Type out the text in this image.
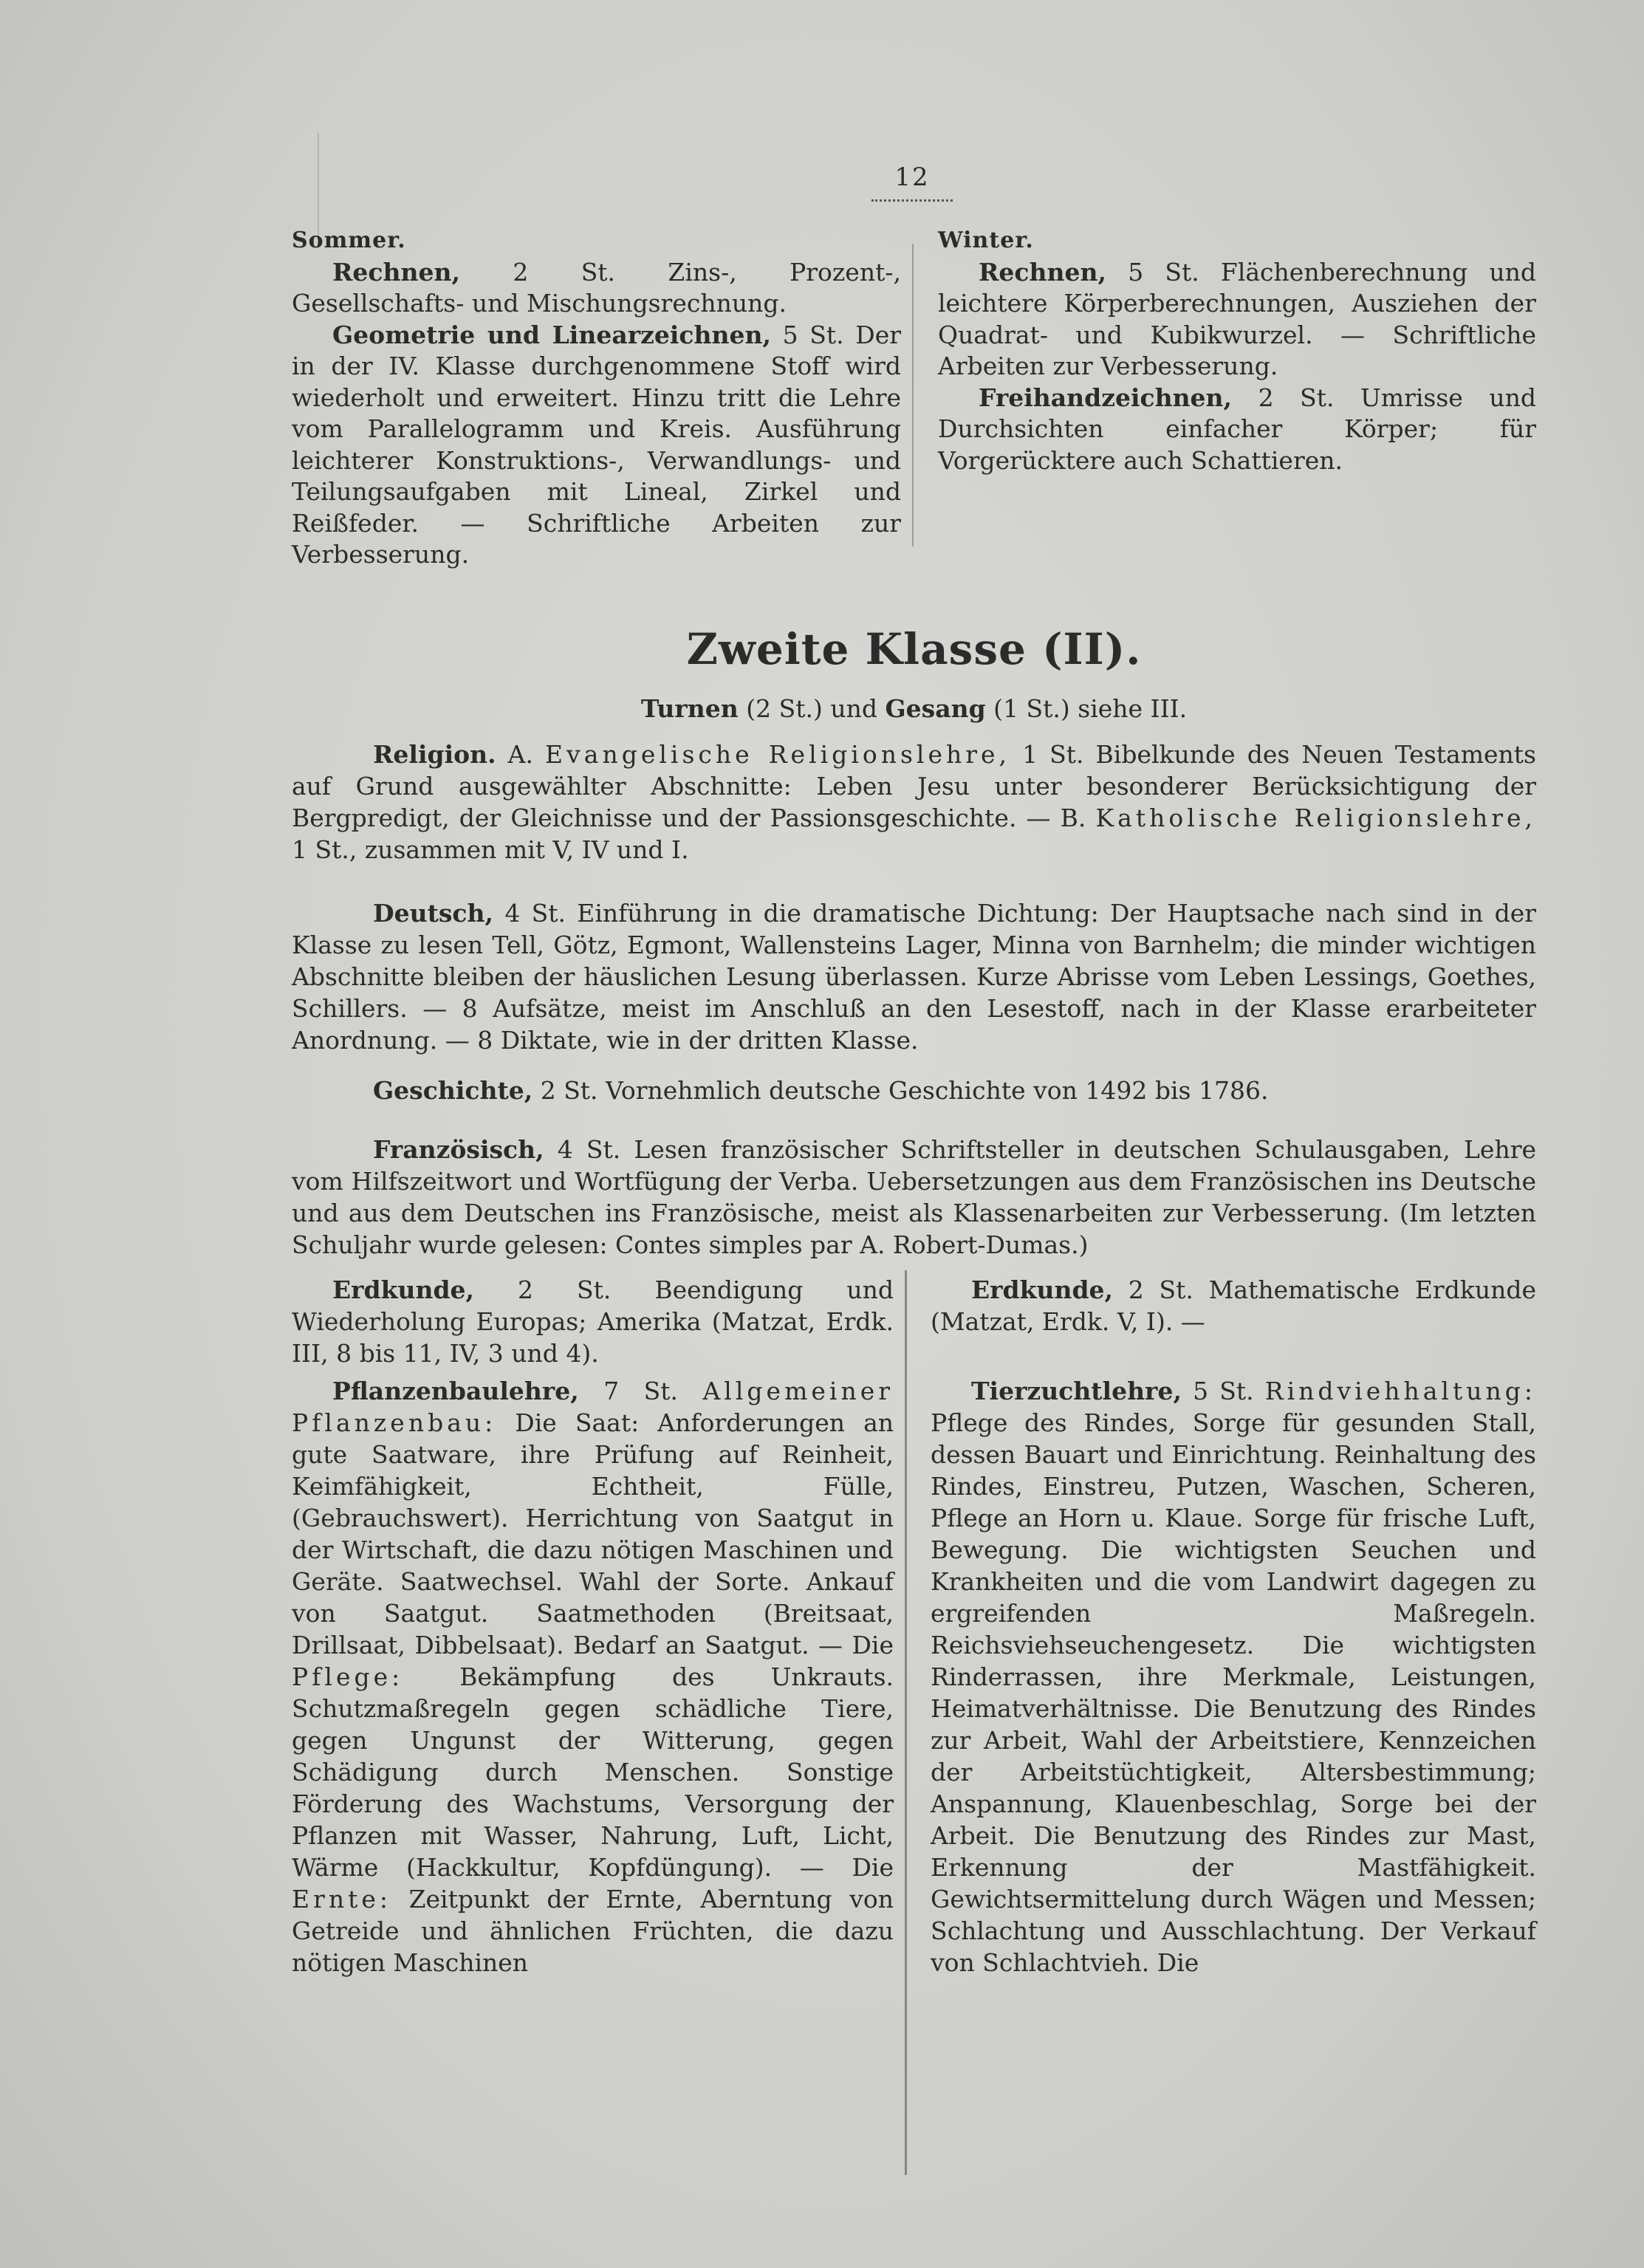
12
Sommer.

Rechnen, 2 St. Zins-, Prozent-, Gesellschafts- und Mischungsrechnung.

Geometrie und Linearzeichnen, 5 St. Der in der IV. Klasse durchgenommene Stoff wird wiederholt und erweitert. Hinzu tritt die Lehre vom Parallelogramm und Kreis. Ausführung leichterer Konstruktions-, Verwandlungs- und Teilungsaufgaben mit Lineal, Zirkel und Reißfeder. — Schriftliche Arbeiten zur Verbesserung.

Winter.

Rechnen, 5 St. Flächenberechnung und leichtere Körperberechnungen, Ausziehen der Quadrat- und Kubikwurzel. — Schriftliche Arbeiten zur Verbesserung.

Freihandzeichnen, 2 St. Umrisse und Durchsichten einfacher Körper; für Vorgerücktere auch Schattieren.

Zweite Klasse (II).
Turnen (2 St.) und Gesang (1 St.) siehe III.

Religion. A. Evangelische Religionslehre, 1 St. Bibelkunde des Neuen Testaments auf Grund ausgewählter Abschnitte: Leben Jesu unter besonderer Berücksichtigung der Bergpredigt, der Gleichnisse und der Passionsgeschichte. — B. Katholische Religionslehre, 1 St., zusammen mit V, IV und I.

Deutsch, 4 St. Einführung in die dramatische Dichtung: Der Hauptsache nach sind in der Klasse zu lesen Tell, Götz, Egmont, Wallensteins Lager, Minna von Barnhelm; die minder wichtigen Abschnitte bleiben der häuslichen Lesung überlassen. Kurze Abrisse vom Leben Lessings, Goethes, Schillers. — 8 Aufsätze, meist im Anschluß an den Lesestoff, nach in der Klasse erarbeiteter Anordnung. — 8 Diktate, wie in der dritten Klasse.

Geschichte, 2 St. Vornehmlich deutsche Geschichte von 1492 bis 1786.

Französisch, 4 St. Lesen französischer Schriftsteller in deutschen Schulausgaben, Lehre vom Hilfszeitwort und Wortfügung der Verba. Uebersetzungen aus dem Französischen ins Deutsche und aus dem Deutschen ins Französische, meist als Klassenarbeiten zur Verbesserung. (Im letzten Schuljahr wurde gelesen: Contes simples par A. Robert-Dumas.)

Erdkunde, 2 St. Beendigung und Wiederholung Europas; Amerika (Matzat, Erdk. III, 8 bis 11, IV, 3 und 4).

Pflanzenbaulehre, 7 St. Allgemeiner Pflanzenbau: Die Saat: Anforderungen an gute Saatware, ihre Prüfung auf Reinheit, Keimfähigkeit, Echtheit, Fülle, (Gebrauchswert). Herrichtung von Saatgut in der Wirtschaft, die dazu nötigen Maschinen und Geräte. Saatwechsel. Wahl der Sorte. Ankauf von Saatgut. Saatmethoden (Breitsaat, Drillsaat, Dibbelsaat). Bedarf an Saatgut. — Die Pflege: Bekämpfung des Unkrauts. Schutzmaßregeln gegen schädliche Tiere, gegen Ungunst der Witterung, gegen Schädigung durch Menschen. Sonstige Förderung des Wachstums, Versorgung der Pflanzen mit Wasser, Nahrung, Luft, Licht, Wärme (Hackkultur, Kopfdüngung). — Die Ernte: Zeitpunkt der Ernte, Aberntung von Getreide und ähnlichen Früchten, die dazu nötigen Maschinen

Erdkunde, 2 St. Mathematische Erdkunde (Matzat, Erdk. V, I). —

Tierzuchtlehre, 5 St. Rindviehhaltung: Pflege des Rindes, Sorge für gesunden Stall, dessen Bauart und Einrichtung. Reinhaltung des Rindes, Einstreu, Putzen, Waschen, Scheren, Pflege an Horn u. Klaue. Sorge für frische Luft, Bewegung. Die wichtigsten Seuchen und Krankheiten und die vom Landwirt dagegen zu ergreifenden Maßregeln. Reichsviehseuchengesetz. Die wichtigsten Rinderrassen, ihre Merkmale, Leistungen, Heimatverhältnisse. Die Benutzung des Rindes zur Arbeit, Wahl der Arbeitstiere, Kennzeichen der Arbeitstüchtigkeit, Altersbestimmung; Anspannung, Klauenbeschlag, Sorge bei der Arbeit. Die Benutzung des Rindes zur Mast, Erkennung der Mastfähigkeit. Gewichtsermittelung durch Wägen und Messen; Schlachtung und Ausschlachtung. Der Verkauf von Schlachtvieh. Die
